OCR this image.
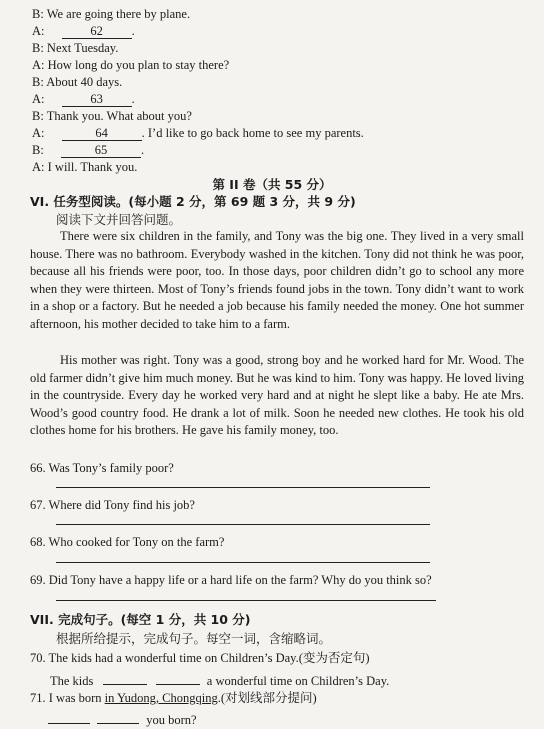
B: We are going there by plane.
A:	62 .
B: Next Tuesday.
A: How long do you plan to stay there?
B: About 40 days.
A:	63 .
B: Thank you. What about you?
A:	64	. I’d like to go back home to see my parents.
B:	65	.
A: I will. Thank you.
第 II 卷（共 55 分）
VI. 任务型阅读。(每小题 2 分，第 69 题 3 分，共 9 分)
阅读下文并回答问题。
There were six children in the family, and Tony was the big one. They lived in a very small house. There was no bathroom. Everybody washed in the kitchen. Tony did not think he was poor, because all his friends were poor, too. In those days, poor children didn’t go to school any more when they were thirteen. Most of Tony’s friends found jobs in the town. Tony didn’t want to work in a shop or a factory. But he needed a job because his family needed the money. One hot summer afternoon, his mother decided to take him to a farm.
His mother was right. Tony was a good, strong boy and he worked hard for Mr. Wood. The old farmer didn’t give him much money. But he was kind to him. Tony was happy. He loved living in the countryside. Every day he worked very hard and at night he slept like a baby. He ate Mrs. Wood’s good country food. He drank a lot of milk. Soon he needed new clothes. He took his old clothes home for his brothers. He gave his family money, too.
66. Was Tony’s family poor?
67. Where did Tony find his job?
68. Who cooked for Tony on the farm?
69. Did Tony have a happy life or a hard life on the farm? Why do you think so?
VII. 完成句子。(每空 1 分，共 10 分)
根据所给提示，完成句子。每空一词，含缩略词。
70. The kids had a wonderful time on Children’s Day.(变为否定句)
The kids	a wonderful time on Children’s Day.
71. I was born in Yudong, Chongqing.(对划线部分提问)
you born?
